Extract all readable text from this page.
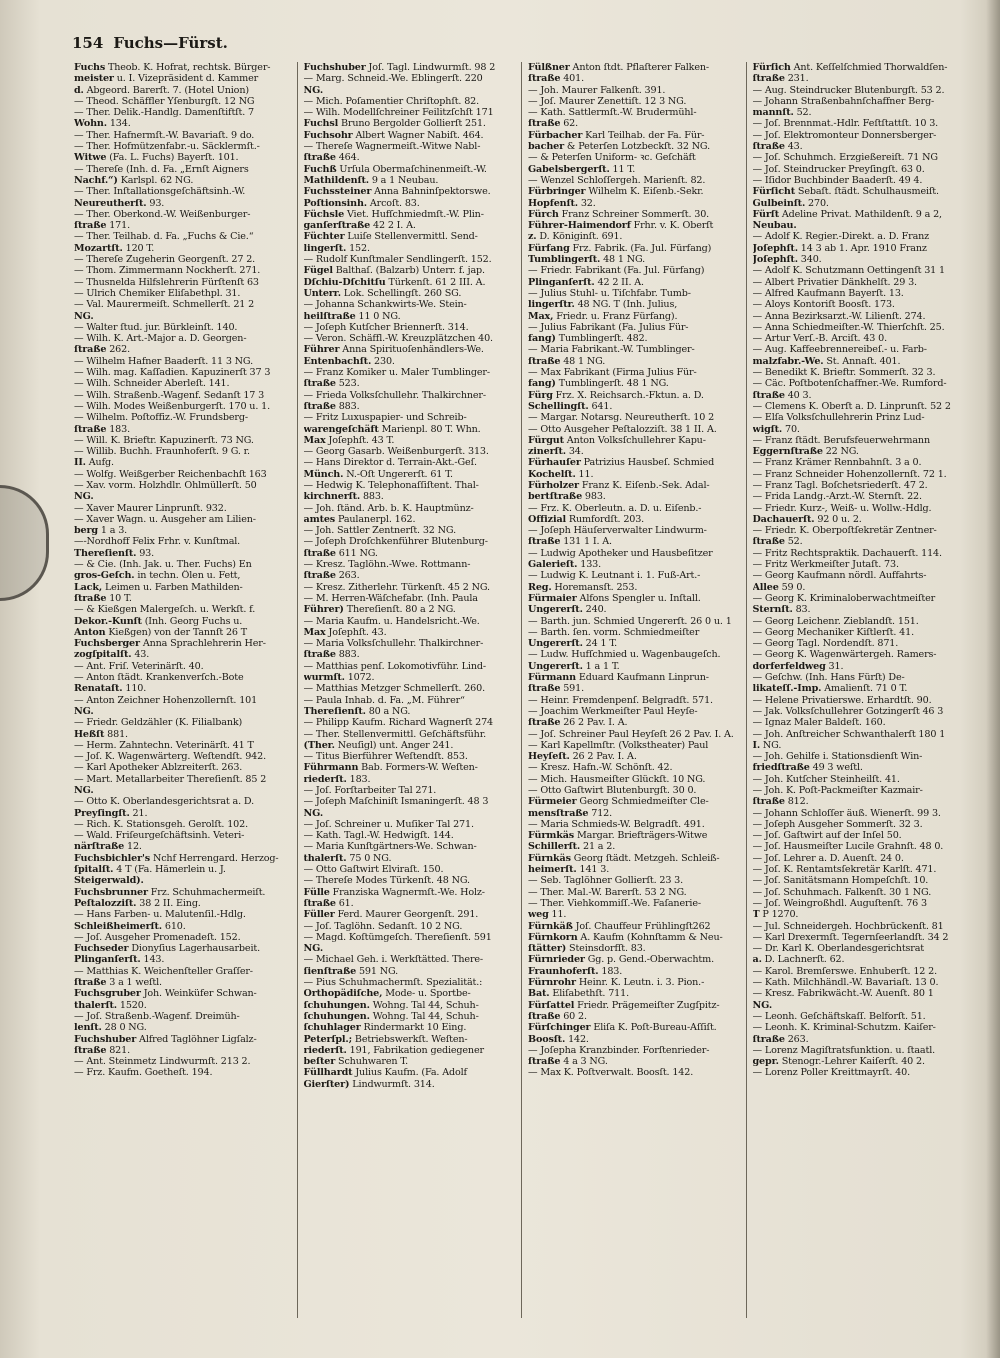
154 Fuchs—Fürst.
Fuchs Theob. K. Hofrat, rechtsk. Bürger-
meister u. I. Vizepräsident d. Kammer
d. Abgeord. Barerſt. 7. (Hotel Union)
— Theod. Schäffler Yſenburgſt. 12 NG
— Ther. Delik.-Handlg. Damenſtiftſt. 7
Wohn. 134.
— Ther. Hafnermſt.-W. Bavariaſt. 9 do.
— Ther. Hofmützenfabr.-u. Säcklermſt.-
Witwe (Fa. L. Fuchs) Bayerſt. 101.
— Thereſe (Inh. d. Fa. „Ernſt Aigners
Nachf.“) Karlspl. 62 NG.
— Ther. Inſtallationsgeſchäftsinh.-W.
Neureutherſt. 93.
— Ther. Oberkond.-W. Weißenburger-
ſtraße 171.
— Ther. Teilhab. d. Fa. „Fuchs & Cie.“
Mozartſt. 120 T.
— Thereſe Zugeherin Georgenſt. 27 2.
— Thom. Zimmermann Nockherſt. 271.
— Thusnelda Hilfslehrerin Fürſtenſt 63
— Ulrich Chemiker Eliſabethpl. 31.
— Val. Maurermeiſt. Schmellerſt. 21 2
NG.
— Walter ſtud. jur. Bürkleinſt. 140.
— Wilh. K. Art.-Major a. D. Georgen-
ſtraße 262.
— Wilhelm Hafner Baaderſt. 11 3 NG.
— Wilh. mag. Kaſſadien. Kapuzinerſt 37 3
— Wilh. Schneider Aberleſt. 141.
— Wilh. Straßenb.-Wagenf. Sedanſt 17 3
— Wilh. Modes Weißenburgerſt. 170 u. 1.
— Wilhelm. Poſtoffiz.-W. Frundsberg-
ſtraße 183.
— Will. K. Brieftr. Kapuzinerſt. 73 NG.
— Willib. Buchh. Fraunhoferſt. 9 G. r.
II. Aufg.
— Wolfg. Weißgerber Reichenbachſt 163
— Xav. vorm. Holzhdlr. Ohlmüllerſt. 50
NG.
— Xaver Maurer Linprunſt. 932.
— Xaver Wagn. u. Ausgeher am Lilien-
berg 1 a 3.
—-Nordhoff Felix Frhr. v. Kunſtmal.
Thereſienſt. 93.
— & Cie. (Inh. Jak. u. Ther. Fuchs) En
gros-Geſch. in techn. Ölen u. Fett,
Lack, Leimen u. Farben Mathilden-
ſtraße 10 T.
— & Kießgen Malergeſch. u. Werkſt. f.
Dekor.-Kunſt (Inh. Georg Fuchs u.
Anton Kießgen) von der Tannſt 26 T
Fuchsberger Anna Sprachlehrerin Her-
zogſpitalſt. 43.
— Ant. Friſ. Veterinärſt. 40.
— Anton ſtädt. Krankenverſch.-Bote
Renataſt. 110.
— Anton Zeichner Hohenzollernſt. 101
NG.
— Friedr. Geldzähler (K. Filialbank)
Heßſt 881.
— Herm. Zahntechn. Veterinärſt. 41 T
— Joſ. K. Wagenwärterg. Weſtendſt. 942.
— Karl Apotheker Ablzreiterſt. 263.
— Mart. Metallarbeiter Thereſienſt. 85 2
NG.
— Otto K. Oberlandesgerichtsrat a. D.
Preyſingſt. 21.
— Rich. K. Stationsgeh. Gerolſt. 102.
— Wald. Friſeurgeſchäftsinh. Veteri-
närſtraße 12.
Fuchsbichler's Nchf Herrengard. Herzog-
ſpitalſt. 4 T (Fa. Hämerlein u. J.
Steigerwald).
Fuchsbrunner Frz. Schuhmachermeiſt.
Peſtalozziſt. 38 2 II. Eing.
— Hans Farben- u. Malutenſil.-Hdlg.
Schleißheimerſt. 610.
— Joſ. Ausgeher Promenadeſt. 152.
Fuchseder Dionyſius Lagerhausarbeit.
Plinganſerſt. 143.
— Matthias K. Weichenſteller Graſſer-
ſtraße 3 a 1 weſtl.
Fuchsgruber Joh. Weinküfer Schwan-
thalerſt. 1520.
— Joſ. Straßenb.-Wagenf. Dreimüh-
lenſt. 28 0 NG.
Fuchshuber Alfred Taglöhner Ligſalz-
ſtraße 821.
— Ant. Steinmetz Lindwurmſt. 213 2.
— Frz. Kaufm. Goetheſt. 194.
Fuchshuber Joſ. Tagl. Lindwurmſt. 98 2
— Marg. Schneid.-We. Eblingerſt. 220
NG.
— Mich. Poſamentier Chriſtophſt. 82.
— Wilh. Modellſchreiner Feilitzſchſt 171
Fuchsl Bruno Bergolder Gollierſt 251.
Fuchsohr Albert Wagner Nabiſt. 464.
— Thereſe Wagnermeiſt.-Witwe Nabl-
ſtraße 464.
Fuchß Urſula Obermaſchinenmeiſt.-W.
Mathildenſt. 9 a 1 Neubau.
Fuchssteiner Anna Bahninſpektorswe.
Poſtionsinh. Arcoſt. 83.
Füchsle Viet. Hufſchmiedmſt.-W. Plin-
ganſerſtraße 42 2 I. A.
Füchter Luiſe Stellenvermittl. Send-
lingerſt. 152.
— Rudolf Kunſtmaler Sendlingerſt. 152.
Fügel Balthaſ. (Balzarb) Unterr. f. jap.
Dſchiu-Dſchitſu Türkenſt. 61 2 III. A.
Unterr. Lok. Schellingſt. 260 SG.
— Johanna Schankwirts-We. Stein-
heilſtraße 11 0 NG.
— Joſeph Kutſcher Briennerſt. 314.
— Veron. Schäffl.-W. Kreuzplätzchen 40.
Führer Anna Spirituoſenhändlers-We.
Entenbachſt. 230.
— Franz Komiker u. Maler Tumblinger-
ſtraße 523.
— Frieda Volksſchullehr. Thalkirchner-
ſtraße 883.
— Fritz Luxuspapier- und Schreib-
warengeſchäft Marienpl. 80 T. Whn.
Max Joſephſt. 43 T.
— Georg Gasarb. Weißenburgerſt. 313.
— Hans Direktor d. Terrain-Akt.-Geſ.
Münch. N.-Oſt Ungererſt. 61 T.
— Hedwig K. Telephonaſſiſtent. Thal-
kirchnerſt. 883.
— Joh. ſtänd. Arb. b. K. Hauptmünz-
amtes Paulanerpl. 162.
— Joh. Sattler Zentnerſt. 32 NG.
— Joſeph Droſchkenführer Blutenburg-
ſtraße 611 NG.
— Kresz. Taglöhn.-Wwe. Rottmann-
ſtraße 263.
— Kresz. Zitherlehr. Türkenſt. 45 2 NG.
— M. Herren-Wäſchefabr. (Inh. Paula
Führer) Thereſienſt. 80 a 2 NG.
— Maria Kaufm. u. Handelsricht.-We.
Max Joſephſt. 43.
— Maria Volksſchullehr. Thalkirchner-
ſtraße 883.
— Matthias penſ. Lokomotivführ. Lind-
wurmſt. 1072.
— Matthias Metzger Schmellerſt. 260.
— Paula Inhab. d. Fa. „M. Führer“
Thereſienſt. 80 a NG.
— Philipp Kaufm. Richard Wagnerſt 274
— Ther. Stellenvermittl. Geſchäftsführ.
(Ther. Neuſigl) unt. Anger 241.
— Titus Bierführer Weſtendſt. 853.
Führmann Bab. Formers-W. Weſten-
riederſt. 183.
— Joſ. Forſtarbeiter Tal 271.
— Joſeph Maſchiniſt Ismaningerſt. 48 3
NG.
— Joſ. Schreiner u. Muſiker Tal 271.
— Kath. Tagl.-W. Hedwigſt. 144.
— Maria Kunſtgärtners-We. Schwan-
thalerſt. 75 0 NG.
— Otto Gaſtwirt Elviraſt. 150.
— Thereſe Modes Türkenſt. 48 NG.
Fülle Franziska Wagnermſt.-We. Holz-
ſtraße 61.
Füller Ferd. Maurer Georgenſt. 291.
— Joſ. Taglöhn. Sedanſt. 10 2 NG.
— Magd. Koſtümgeſch. Thereſienſt. 591
NG.
— Michael Geh. i. Werkſtätted. There-
ſienſtraße 591 NG.
— Pius Schuhmachermſt. Spezialität.:
Orthopädiſche, Mode- u. Sportbe-
ſchuhungen. Wohng. Tal 44, Schuh-
ſchuhungen. Wohng. Tal 44, Schuh-
ſchuhlager Rindermarkt 10 Eing.
Peterſpl.; Betriebswerkſt. Weſten-
riederſt. 191, Fabrikation gediegener
beſter Schuhwaren T.
Füllhardt Julius Kaufm. (Fa. Adolf
Gierſter) Lindwurmſt. 314.
Fülßner Anton ſtdt. Pflaſterer Falken-
ſtraße 401.
— Joh. Maurer Falkenſt. 391.
— Joſ. Maurer Zenettiſt. 12 3 NG.
— Kath. Sattlermſt.-W. Brudermühl-
ſtraße 62.
Fürbacher Karl Teilhab. der Fa. Für-
bacher & Peterſen Lotzbeckſt. 32 NG.
— & Peterſen Uniform- ꝛc. Geſchäft
Gabelsbergerſt. 11 T.
— Wenzel Schloſſergeh. Marienſt. 82.
Fürbringer Wilhelm K. Eiſenb.-Sekr.
Hopfenſt. 32.
Fürch Franz Schreiner Sommerſt. 30.
Führer-Haimendorf Frhr. v. K. Oberſt
z. D. Königinſt. 691.
Fürfang Frz. Fabrik. (Fa. Jul. Fürfang)
Tumblingerſt. 48 1 NG.
— Friedr. Fabrikant (Fa. Jul. Fürfang)
Plinganſerſt. 42 2 II. A.
— Julius Stuhl- u. Tiſchfabr. Tumb-
lingerſtr. 48 NG. T (Inh. Julius,
Max, Friedr. u. Franz Fürfang).
— Julius Fabrikant (Fa. Julius Für-
fang) Tumblingerſt. 482.
— Maria Fabrikant.-W. Tumblinger-
ſtraße 48 1 NG.
— Max Fabrikant (Firma Julius Für-
fang) Tumblingerſt. 48 1 NG.
Fürg Frz. X. Reichsarch.-Fktun. a. D.
Schellingſt. 641.
— Margar. Notarsg. Neureutherſt. 10 2
— Otto Ausgeher Peſtalozziſt. 38 1 II. A.
Fürgut Anton Volksſchullehrer Kapu-
zinerſt. 34.
Fürhauſer Patrizius Hausbeſ. Schmied
Kochelſt. 11.
Fürholzer Franz K. Eiſenb.-Sek. Adal-
bertſtraße 983.
— Frz. K. Oberleutn. a. D. u. Eiſenb.-
Offizial Rumfordſt. 203.
— Joſeph Häuſerverwalter Lindwurm-
ſtraße 131 1 I. A.
— Ludwig Apotheker und Hausbeſitzer
Galerieſt. 133.
— Ludwig K. Leutnant i. 1. Fuß-Art.-
Reg. Horemansſt. 253.
Fürmaier Alfons Spengler u. Inſtall.
Ungererſt. 240.
— Barth. jun. Schmied Ungererſt. 26 0 u. 1
— Barth. ſen. vorm. Schmiedmeiſter
Ungererſt. 24 1 T.
— Ludw. Hufſchmied u. Wagenbaugeſch.
Ungererſt. 1 a 1 T.
Fürmann Eduard Kaufmann Linprun-
ſtraße 591.
— Heinr. Fremdenpenſ. Belgradſt. 571.
— Joachim Werkmeiſter Paul Heyſe-
ſtraße 26 2 Pav. I. A.
— Joſ. Schreiner Paul Heyſeſt 26 2 Pav. I. A.
— Karl Kapellmſtr. (Volkstheater) Paul
Heyſeſt. 26 2 Pav. I. A.
— Kresz. Hafn.-W. Schönſt. 42.
— Mich. Hausmeiſter Glückſt. 10 NG.
— Otto Gaſtwirt Blutenburgſt. 30 0.
Fürmeier Georg Schmiedmeiſter Cle-
mensſtraße 712.
— Maria Schmieds-W. Belgradſt. 491.
Fürmkäs Margar. Briefträgers-Witwe
Schillerſt. 21 a 2.
Fürnkäs Georg ſtädt. Metzgeh. Schleiß-
heimerſt. 141 3.
— Seb. Taglöhner Gollierſt. 23 3.
— Ther. Mal.-W. Barerſt. 53 2 NG.
— Ther. Viehkommiſſ.-We. Faſanerie-
weg 11.
Fürnkäß Joſ. Chauffeur Frühlingſt262
Fürnkorn A. Kaufm (Kohnſtamm & Neu-
ſtätter) Steinsdorfſt. 83.
Fürnrieder Gg. p. Gend.-Oberwachtm.
Fraunhoferſt. 183.
Fürnrohr Heinr. K. Leutn. i. 3. Pion.-
Bat. Eliſabethſt. 711.
Fürſattel Friedr. Prägemeiſter Zugſpitz-
ſtraße 60 2.
Fürſchinger Eliſa K. Poſt-Bureau-Aſſiſt.
Boosſt. 142.
— Joſepha Kranzbinder. Forſtenrieder-
ſtraße 4 a 3 NG.
— Max K. Poſtverwalt. Boosſt. 142.
Fürſich Ant. Keſſelſchmied Thorwaldſen-
ſtraße 231.
— Aug. Steindrucker Blutenburgſt. 53 2.
— Johann Straßenbahnſchaffner Berg-
mannſt. 52.
— Joſ. Brennmat.-Hdlr. Feſtſtattſt. 10 3.
— Joſ. Elektromonteur Donnersberger-
ſtraße 43.
— Joſ. Schuhmch. Erzgießereiſt. 71 NG
— Joſ. Steindrucker Preyſingſt. 63 0.
— Iſidor Buchbinder Baaderſt. 49 4.
Fürſicht Sebaſt. ſtädt. Schulhausmeiſt.
Gulbeinſt. 270.
Fürſt Adeline Privat. Mathildenſt. 9 a 2,
Neubau.
— Adolf K. Regier.-Direkt. a. D. Franz
Joſephſt. 14 3 ab 1. Apr. 1910 Franz
Joſephſt. 340.
— Adolf K. Schutzmann Oettingenſt 31 1
— Albert Privatier Dänkhelſt. 29 3.
— Alfred Kaufmann Bayerſt. 13.
— Aloys Kontoriſt Boosſt. 173.
— Anna Bezirksarzt.-W. Lilienſt. 274.
— Anna Schiedmeiſter.-W. Thierſchſt. 25.
— Artur Verſ.-B. Arciſt. 43 0.
— Aug. Kaffeebrennereibeſ.- u. Farb-
malzfabr.-We. St. Annaſt. 401.
— Benedikt K. Brieftr. Sommerſt. 32 3.
— Cäc. Poſtbotenſchaffner.-We. Rumford-
ſtraße 40 3.
— Clemens K. Oberſt a. D. Linprunſt. 52 2
— Elſa Volksſchullehrerin Prinz Lud-
wigſt. 70.
— Franz ſtädt. Berufsfeuerwehrmann
Eggernſtraße 22 NG.
— Franz Krämer Rennbahnſt. 3 a 0.
— Franz Schneider Hohenzollernſt. 72 1.
— Franz Tagl. Boſchetsriederſt. 47 2.
— Frida Landg.-Arzt.-W. Sternſt. 22.
— Friedr. Kurz-, Weiß- u. Wollw.-Hdlg.
Dachauerſt. 92 0 u. 2.
— Friedr. K. Oberpoſtſekretär Zentner-
ſtraße 52.
— Fritz Rechtspraktik. Dachauerſt. 114.
— Fritz Werkmeiſter Jutaſt. 73.
— Georg Kaufmann nördl. Auffahrts-
Allee 59 0.
— Georg K. Kriminaloberwachtmeiſter
Sternſt. 83.
— Georg Leichenr. Zieblandſt. 151.
— Georg Mechaniker Kiſtlerſt. 41.
— Georg Tagl. Nordendſt. 871.
— Georg K. Wagenwärtergeh. Ramers-
dorferfeldweg 31.
— Geſchw. (Inh. Hans Fürſt) De-
likateſſ.-Imp. Amalienſt. 71 0 T.
— Helene Privatierswe. Erhardtſt. 90.
— Jak. Volksſchullehrer Gotzingerſt 46 3
— Ignaz Maler Baldeſt. 160.
— Joh. Anſtreicher Schwanthalerſt 180 1
I. NG.
— Joh. Gehilfe i. Stationsdienſt Win-
friedſtraße 49 3 weſtl.
— Joh. Kutſcher Steinheilſt. 41.
— Joh. K. Poſt-Packmeiſter Kazmair-
ſtraße 812.
— Johann Schloſſer äuß. Wienerſt. 99 3.
— Joſeph Ausgeher Sommerſt. 32 3.
— Joſ. Gaſtwirt auf der Inſel 50.
— Joſ. Hausmeiſter Lucile Grahnſt. 48 0.
— Joſ. Lehrer a. D. Auenſt. 24 0.
— Joſ. K. Rentamtsſekretär Karlſt. 471.
— Joſ. Sanitätsmann Hompeſchſt. 10.
— Joſ. Schuhmach. Falkenſt. 30 1 NG.
— Joſ. Weingroßhdl. Auguſtenſt. 76 3
T P 1270.
— Jul. Schneidergeh. Hochbrückenſt. 81
— Karl Drexermſt. Tegernſeerlandſt. 34 2
— Dr. Karl K. Oberlandesgerichtsrat
a. D. Lachnerſt. 62.
— Karol. Bremſerswe. Enhuberſt. 12 2.
— Kath. Milchhändl.-W. Bavariaſt. 13 0.
— Kresz. Fabrikwächt.-W. Auenſt. 80 1
NG.
— Leonh. Geſchäftskaſſ. Belforſt. 51.
— Leonh. K. Kriminal-Schutzm. Kaiſer-
ſtraße 263.
— Lorenz Magiſtratsfunktion. u. ſtaatl.
gepr. Stenogr.-Lehrer Kaiſerſt. 40 2.
— Lorenz Poller Kreittmayrſt. 40.
